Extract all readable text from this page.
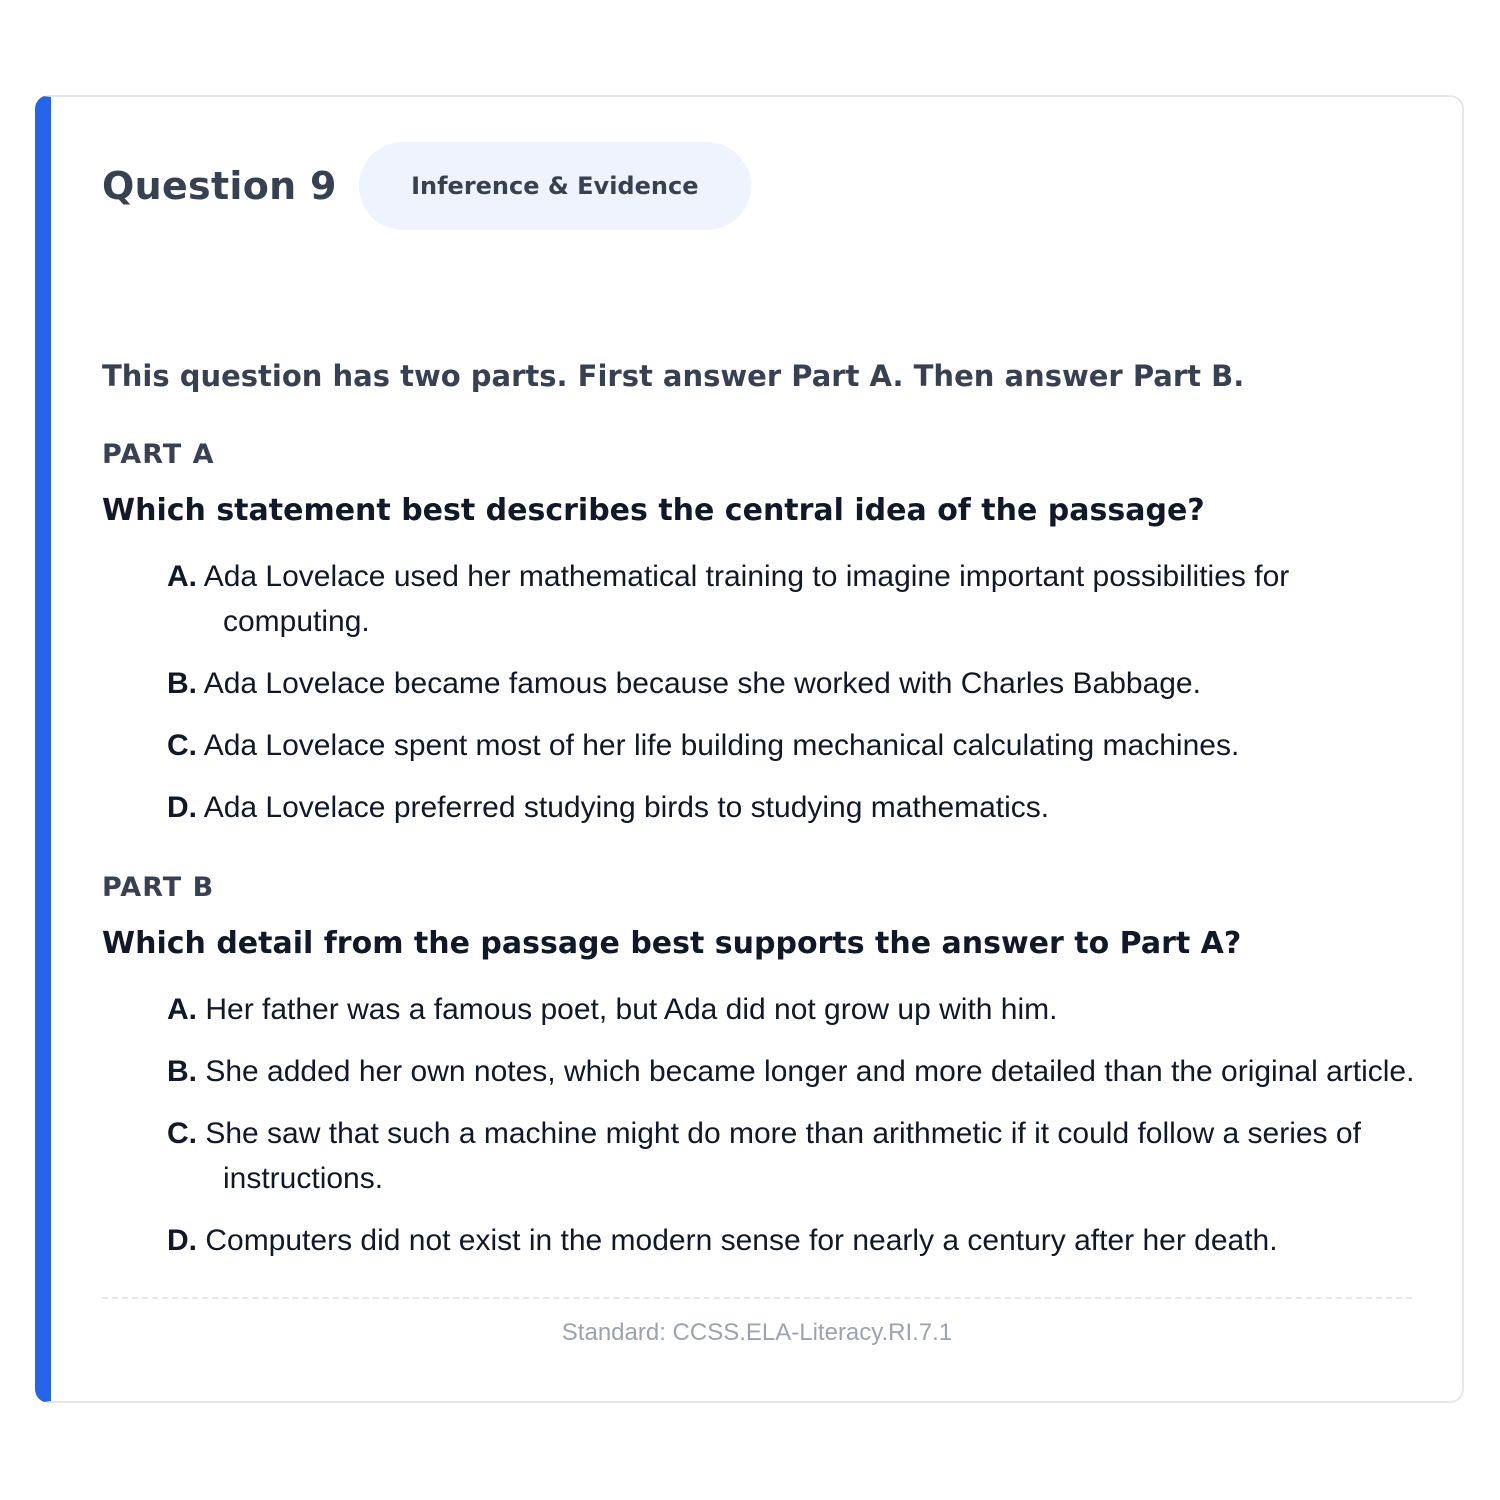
Question 9	Inference & Evidence
This question has two parts. First answer Part A. Then answer Part B.
PART A
Which statement best describes the central idea of the passage?
A. Ada Lovelace used her mathematical training to imagine important possibilities for computing.
B. Ada Lovelace became famous because she worked with Charles Babbage.
C. Ada Lovelace spent most of her life building mechanical calculating machines.
D. Ada Lovelace preferred studying birds to studying mathematics.
PART B
Which detail from the passage best supports the answer to Part A?
A. Her father was a famous poet, but Ada did not grow up with him.
B. She added her own notes, which became longer and more detailed than the original article.
C. She saw that such a machine might do more than arithmetic if it could follow a series of instructions.
D. Computers did not exist in the modern sense for nearly a century after her death.
Standard: CCSS.ELA-Literacy.RI.7.1
